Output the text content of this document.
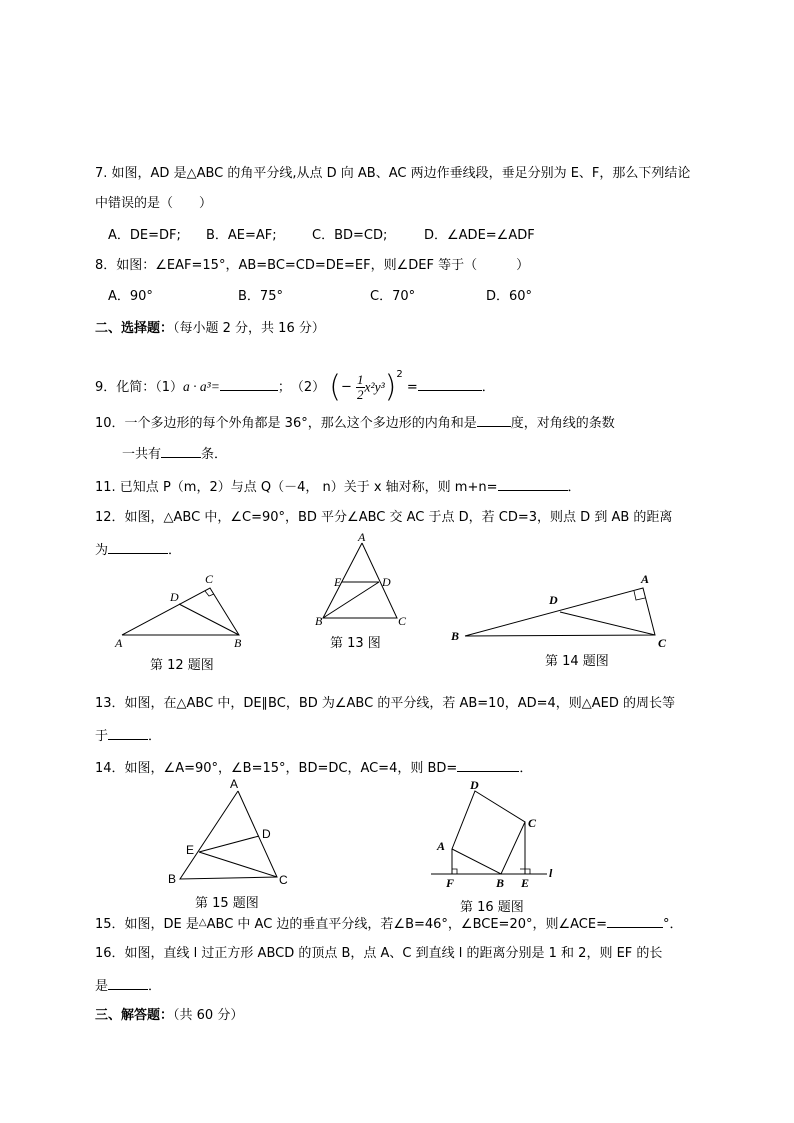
7. 如图，AD 是△ABC 的角平分线,从点 D 向 AB、AC 两边作垂线段，垂足分别为 E、F，那么下列结论
中错误的是（　　）
A．DE=DF; B．AE=AF;	C．BD=CD;	D．∠ADE=∠ADF
8．如图：∠EAF=15°，AB=BC=CD=DE=EF，则∠DEF 等于（　　　）
A．90°	B．75°	C．70°	D．60°
二、选择题：（每小题 2 分，共 16 分）
9．化简：（1）a · a³=	；　（2） (− $\frac{1}{2} x^2y^3)^2$ =	．
10．一个多边形的每个外角都是 36°，那么这个多边形的内角和是	度，对角线的条数
一共有	条．
11. 已知点 P（m，2）与点 Q（－4， n）关于 x 轴对称，则 m+n=	．
12．如图，△ABC 中，∠C=90°，BD 平分∠ABC 交 AC 于点 D，若 CD=3，则点 D 到 AB 的距离
为	．
A	B
C
D
第 12 题图
A
B	C
D
E
第 13 图
A
B	C
D
第 14 题图
13．如图，在△ABC 中，DE∥BC，BD 为∠ABC 的平分线，若 AB=10，AD=4，则△AED 的周长等
于	．
14．如图，∠A=90°，∠B=15°，BD=DC，AC=4，则 BD=	．
A
B	C
D
E
第 15 题图
A
B
C
D
E
F
l
第 16 题图
15．如图，DE 是△ABC 中 AC 边的垂直平分线，若∠B=46°，∠BCE=20°，则∠ACE=	°．
16．如图，直线 l 过正方形 ABCD 的顶点 B，点 A、C 到直线 l 的距离分别是 1 和 2，则 EF 的长
是	．
三、解答题：（共 60 分）
